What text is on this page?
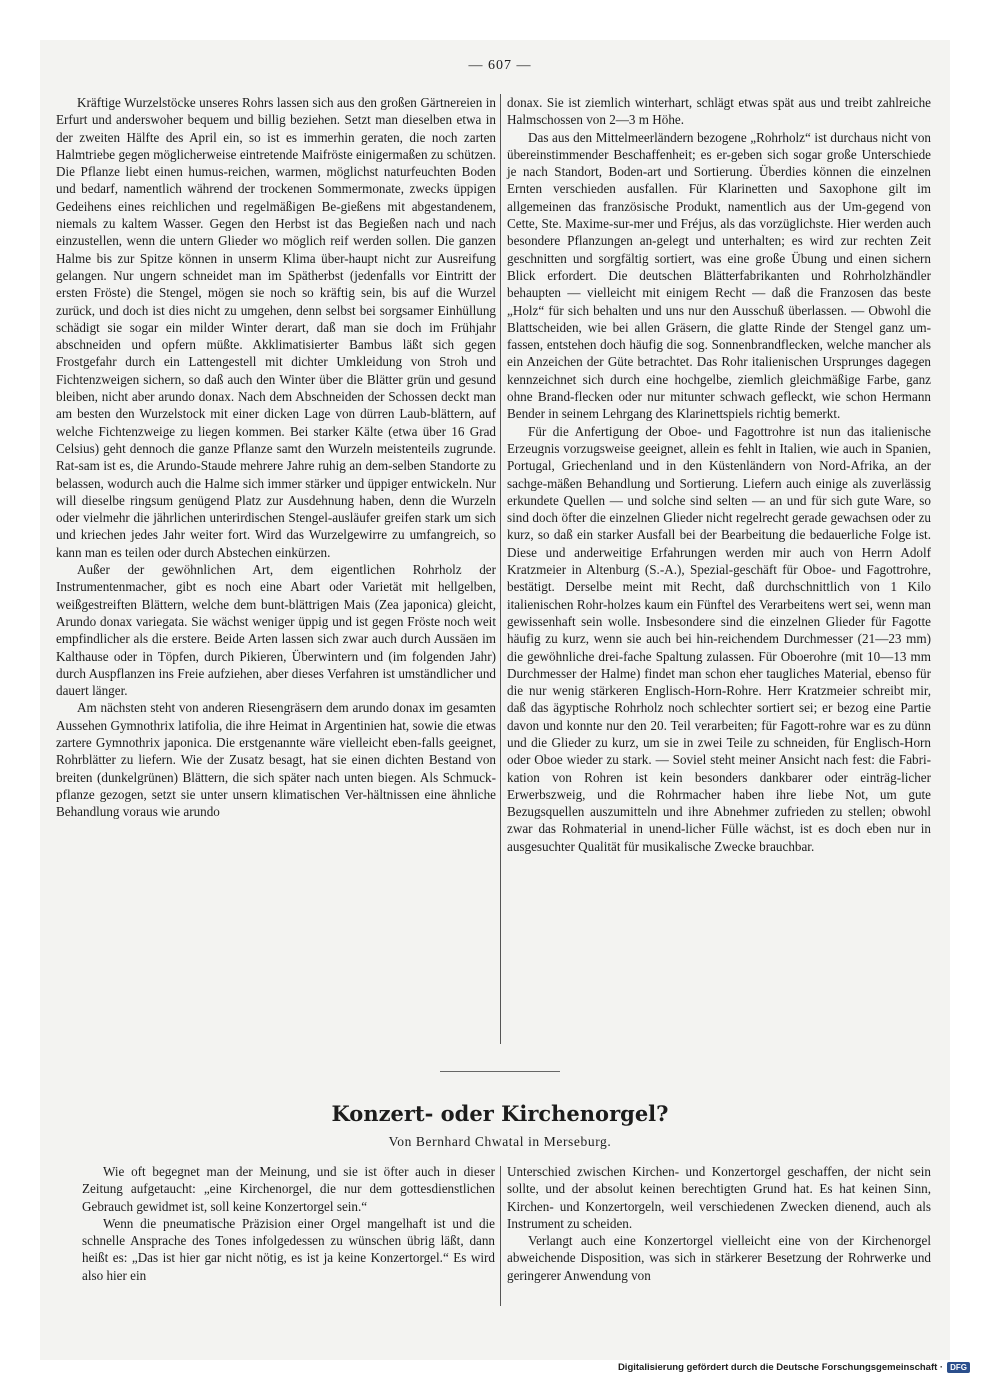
— 607 —

Kräftige Wurzelstöcke unseres Rohrs lassen sich aus den großen Gärtnereien in Erfurt und anderswoher bequem und billig beziehen. Setzt man dieselben etwa in der zweiten Hälfte des April ein, so ist es immerhin geraten, die noch zarten Halmtriebe gegen möglicherweise eintretende Maifröste einigermaßen zu schützen. Die Pflanze liebt einen humus-reichen, warmen, möglichst naturfeuchten Boden und bedarf, namentlich während der trockenen Sommermonate, zwecks üppigen Gedeihens eines reichlichen und regelmäßigen Be-gießens mit abgestandenem, niemals zu kaltem Wasser. Gegen den Herbst ist das Begießen nach und nach einzustellen, wenn die untern Glieder wo möglich reif werden sollen. Die ganzen Halme bis zur Spitze können in unserm Klima über-haupt nicht zur Ausreifung gelangen. Nur ungern schneidet man im Spätherbst (jedenfalls vor Eintritt der ersten Fröste) die Stengel, mögen sie noch so kräftig sein, bis auf die Wurzel zurück, und doch ist dies nicht zu umgehen, denn selbst bei sorgsamer Einhüllung schädigt sie sogar ein milder Winter derart, daß man sie doch im Frühjahr abschneiden und opfern müßte. Akklimatisierter Bambus läßt sich gegen Frostgefahr durch ein Lattengestell mit dichter Umkleidung von Stroh und Fichtenzweigen sichern, so daß auch den Winter über die Blätter grün und gesund bleiben, nicht aber arundo donax. Nach dem Abschneiden der Schossen deckt man am besten den Wurzelstock mit einer dicken Lage von dürren Laub-blättern, auf welche Fichtenzweige zu liegen kommen. Bei starker Kälte (etwa über 16 Grad Celsius) geht dennoch die ganze Pflanze samt den Wurzeln meistenteils zugrunde. Rat-sam ist es, die Arundo-Staude mehrere Jahre ruhig an dem-selben Standorte zu belassen, wodurch auch die Halme sich immer stärker und üppiger entwickeln. Nur will dieselbe ringsum genügend Platz zur Ausdehnung haben, denn die Wurzeln oder vielmehr die jährlichen unterirdischen Stengel-ausläufer greifen stark um sich und kriechen jedes Jahr weiter fort. Wird das Wurzelgewirre zu umfangreich, so kann man es teilen oder durch Abstechen einkürzen.

Außer der gewöhnlichen Art, dem eigentlichen Rohrholz der Instrumentenmacher, gibt es noch eine Abart oder Varietät mit hellgelben, weißgestreiften Blättern, welche dem bunt-blättrigen Mais (Zea japonica) gleicht, Arundo donax variegata. Sie wächst weniger üppig und ist gegen Fröste noch weit empfindlicher als die erstere. Beide Arten lassen sich zwar auch durch Aussäen im Kalthause oder in Töpfen, durch Pikieren, Überwintern und (im folgenden Jahr) durch Auspflanzen ins Freie aufziehen, aber dieses Verfahren ist umständlicher und dauert länger.

Am nächsten steht von anderen Riesengräsern dem arundo donax im gesamten Aussehen Gymnothrix latifolia, die ihre Heimat in Argentinien hat, sowie die etwas zartere Gymnothrix japonica. Die erstgenannte wäre vielleicht eben-falls geeignet, Rohrblätter zu liefern. Wie der Zusatz besagt, hat sie einen dichten Bestand von breiten (dunkelgrünen) Blättern, die sich später nach unten biegen. Als Schmuck-pflanze gezogen, setzt sie unter unsern klimatischen Ver-hältnissen eine ähnliche Behandlung voraus wie arundo

donax. Sie ist ziemlich winterhart, schlägt etwas spät aus und treibt zahlreiche Halmschossen von 2—3 m Höhe.

Das aus den Mittelmeerländern bezogene „Rohrholz“ ist durchaus nicht von übereinstimmender Beschaffenheit; es er-geben sich sogar große Unterschiede je nach Standort, Boden-art und Sortierung. Überdies können die einzelnen Ernten verschieden ausfallen. Für Klarinetten und Saxophone gilt im allgemeinen das französische Produkt, namentlich aus der Um-gegend von Cette, Ste. Maxime-sur-mer und Fréjus, als das vorzüglichste. Hier werden auch besondere Pflanzungen an-gelegt und unterhalten; es wird zur rechten Zeit geschnitten und sorgfältig sortiert, was eine große Übung und einen sichern Blick erfordert. Die deutschen Blätterfabrikanten und Rohrholzhändler behaupten — vielleicht mit einigem Recht — daß die Franzosen das beste „Holz“ für sich behalten und uns nur den Ausschuß überlassen. — Obwohl die Blattscheiden, wie bei allen Gräsern, die glatte Rinde der Stengel ganz um-fassen, entstehen doch häufig die sog. Sonnenbrandflecken, welche mancher als ein Anzeichen der Güte betrachtet. Das Rohr italienischen Ursprunges dagegen kennzeichnet sich durch eine hochgelbe, ziemlich gleichmäßige Farbe, ganz ohne Brand-flecken oder nur mitunter schwach gefleckt, wie schon Hermann Bender in seinem Lehrgang des Klarinettspiels richtig bemerkt.

Für die Anfertigung der Oboe- und Fagottrohre ist nun das italienische Erzeugnis vorzugsweise geeignet, allein es fehlt in Italien, wie auch in Spanien, Portugal, Griechenland und in den Küstenländern von Nord-Afrika, an der sachge-mäßen Behandlung und Sortierung. Liefern auch einige als zuverlässig erkundete Quellen — und solche sind selten — an und für sich gute Ware, so sind doch öfter die einzelnen Glieder nicht regelrecht gerade gewachsen oder zu kurz, so daß ein starker Ausfall bei der Bearbeitung die bedauerliche Folge ist. Diese und anderweitige Erfahrungen werden mir auch von Herrn Adolf Kratzmeier in Altenburg (S.-A.), Spezial-geschäft für Oboe- und Fagottrohre, bestätigt. Derselbe meint mit Recht, daß durchschnittlich von 1 Kilo italienischen Rohr-holzes kaum ein Fünftel des Verarbeitens wert sei, wenn man gewissenhaft sein wolle. Insbesondere sind die einzelnen Glieder für Fagotte häufig zu kurz, wenn sie auch bei hin-reichendem Durchmesser (21—23 mm) die gewöhnliche drei-fache Spaltung zulassen. Für Oboerohre (mit 10—13 mm Durchmesser der Halme) findet man schon eher taugliches Material, ebenso für die nur wenig stärkeren Englisch-Horn-Rohre. Herr Kratzmeier schreibt mir, daß das ägyptische Rohrholz noch schlechter sortiert sei; er bezog eine Partie davon und konnte nur den 20. Teil verarbeiten; für Fagott-rohre war es zu dünn und die Glieder zu kurz, um sie in zwei Teile zu schneiden, für Englisch-Horn oder Oboe wieder zu stark. — Soviel steht meiner Ansicht nach fest: die Fabri-kation von Rohren ist kein besonders dankbarer oder einträg-licher Erwerbszweig, und die Rohrmacher haben ihre liebe Not, um gute Bezugsquellen auszumitteln und ihre Abnehmer zufrieden zu stellen; obwohl zwar das Rohmaterial in unend-licher Fülle wächst, ist es doch eben nur in ausgesuchter Qualität für musikalische Zwecke brauchbar.

Konzert- oder Kirchenorgel?
Von Bernhard Chwatal in Merseburg.

Wie oft begegnet man der Meinung, und sie ist öfter auch in dieser Zeitung aufgetaucht: „eine Kirchenorgel, die nur dem gottesdienstlichen Gebrauch gewidmet ist, soll keine Konzertorgel sein.“

Wenn die pneumatische Präzision einer Orgel mangelhaft ist und die schnelle Ansprache des Tones infolgedessen zu wünschen übrig läßt, dann heißt es: „Das ist hier gar nicht nötig, es ist ja keine Konzertorgel.“ Es wird also hier ein

Unterschied zwischen Kirchen- und Konzertorgel geschaffen, der nicht sein sollte, und der absolut keinen berechtigten Grund hat. Es hat keinen Sinn, Kirchen- und Konzertorgeln, weil verschiedenen Zwecken dienend, auch als Instrument zu scheiden.

Verlangt auch eine Konzertorgel vielleicht eine von der Kirchenorgel abweichende Disposition, was sich in stärkerer Besetzung der Rohrwerke und geringerer Anwendung von

Digitalisierung gefördert durch die Deutsche Forschungsgemeinschaft · DFG
